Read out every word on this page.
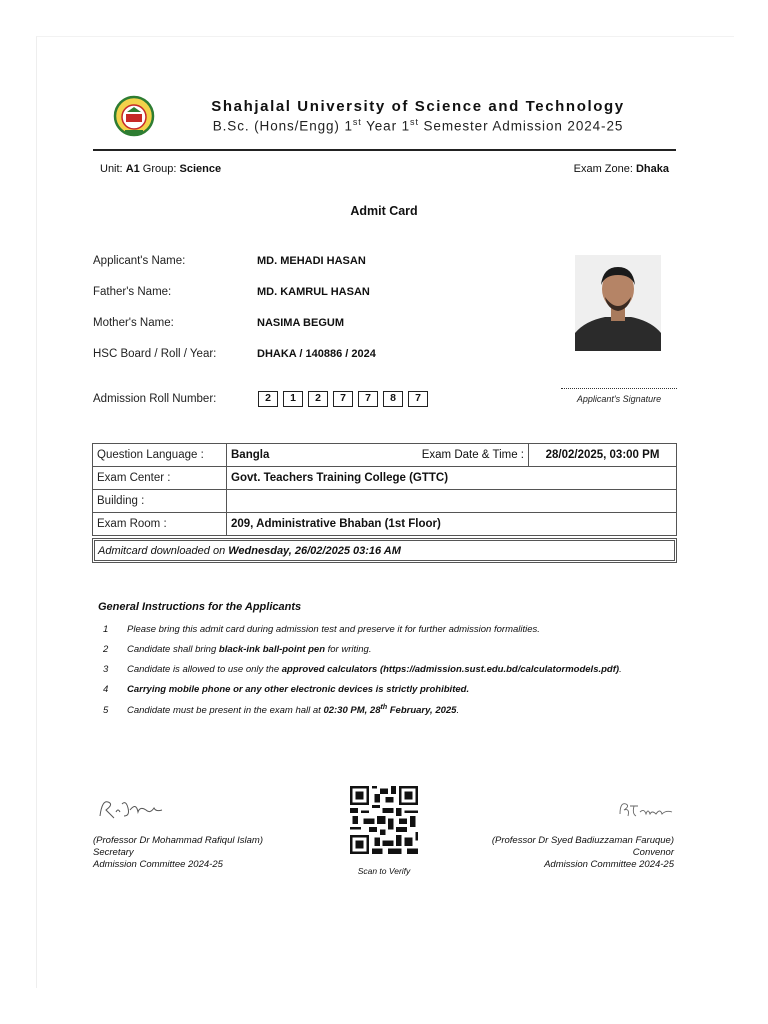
Shahjalal University of Science and Technology
B.Sc. (Hons/Engg) 1st Year 1st Semester Admission 2024-25
Unit: A1 Group: Science	Exam Zone: Dhaka
Admit Card
Applicant's Name:	MD. MEHADI HASAN
Father's Name:	MD. KAMRUL HASAN
Mother's Name:	NASIMA BEGUM
HSC Board / Roll / Year:	DHAKA / 140886 / 2024
Admission Roll Number:	2	1	2	7	7	8	7	Applicant's Signature
Question Language :	Bangla Exam Date & Time :	28/02/2025, 03:00 PM
Exam Center :	Govt. Teachers Training College (GTTC)	
Building :		
Exam Room :	209, Administrative Bhaban (1st Floor)	
Admitcard downloaded on Wednesday, 26/02/2025 03:16 AM
General Instructions for the Applicants
1 Please bring this admit card during admission test and preserve it for further admission formalities.
2 Candidate shall bring black-ink ball-point pen for writing.
3 Candidate is allowed to use only the approved calculators (https://admission.sust.edu.bd/calculatormodels.pdf).
4 Carrying mobile phone or any other electronic devices is strictly prohibited.
5 Candidate must be present in the exam hall at 02:30 PM, 28th February, 2025.
(Professor Dr Mohammad Rafiqul Islam)
Secretary
Admission Committee 2024-25
(Professor Dr Syed Badiuzzaman Faruque)
Convenor
Admission Committee 2024-25
Scan to Verify
